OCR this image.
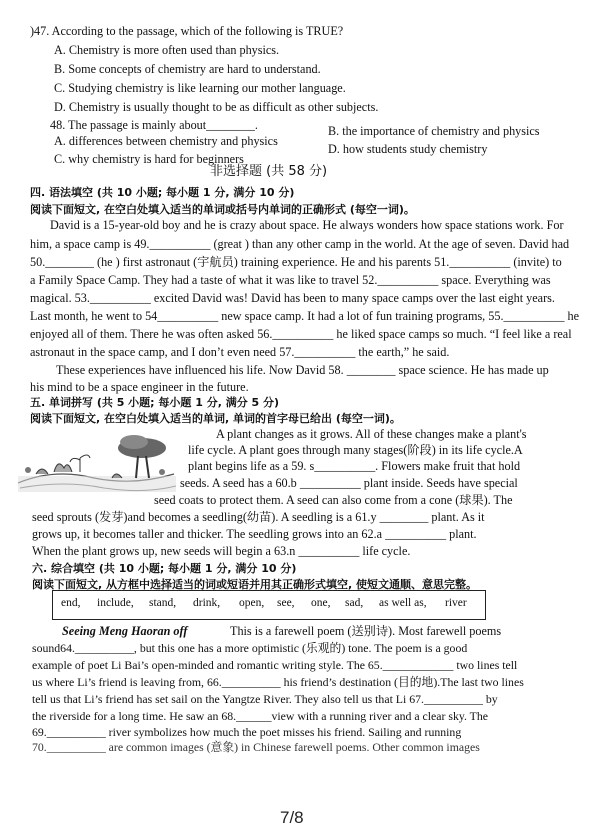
)47. According to the passage, which of the following is TRUE?
A. Chemistry is more often used than physics.
B. Some concepts of chemistry are hard to understand.
C. Studying chemistry is like learning our mother language.
D. Chemistry is usually thought to be as difficult as other subjects.
48. The passage is mainly about________.
A. differences between chemistry and physics
B. the importance of chemistry and physics
C. why chemistry is hard for beginners
D. how students study chemistry
非选择题 (共 58 分)
四. 语法填空 (共 10 小题; 每小题 1 分, 满分 10 分)
阅读下面短文, 在空白处填入适当的单词或括号内单词的正确形式 (每空一词)。
David is a 15-year-old boy and he is crazy about space. He always wonders how space stations work. For
him, a space camp is 49.__________ (great ) than any other camp in the world. At the age of seven. David had
50.________ (he ) first astronaut (宇航员) training experience. He and his parents 51.__________ (invite) to
a Family Space Camp. They had a taste of what it was like to travel 52.__________ space. Everything was
magical. 53.__________ excited David was! David has been to many space camps over the last eight years.
Last month, he went to 54__________ new space camp. It had a lot of fun training programs, 55.__________ he
enjoyed all of them. There he was often asked 56.__________ he liked space camps so much. “I feel like a real
astronaut in the space camp, and I don’t even need 57.__________ the earth,” he said.
These experiences have influenced his life. Now David 58. ________ space science. He has made up
his mind to be a space engineer in the future.
五. 单词拼写 (共 5 小题; 每小题 1 分, 满分 5 分)
阅读下面短文, 在空白处填入适当的单词, 单词的首字母已给出 (每空一词)。
A plant changes as it grows. All of these changes make a plant's
life cycle. A plant goes through many stages(阶段) in its life cycle.A
plant begins life as a 59. s__________. Flowers make fruit that hold
seeds. A seed has a 60.b __________ plant inside. Seeds have special
seed coats to protect them. A seed can also come from a cone (球果). The
seed sprouts (发芽)and becomes a seedling(幼苗). A seedling is a 61.y ________ plant. As it
grows up, it becomes taller and thicker. The seedling grows into an 62.a __________ plant.
When the plant grows up, new seeds will begin a 63.n __________ life cycle.
六. 综合填空 (共 10 小题; 每小题 1 分, 满分 10 分)
阅读下面短文, 从方框中选择适当的词或短语并用其正确形式填空, 使短文通顺、意思完整。
end, include, stand, drink, open, see, one, sad, as well as, river
Seeing Meng Haoran off	This is a farewell poem (送别诗). Most farewell poems
sound64.__________, but this one has a more optimistic (乐观的) tone. The poem is a good
example of poet Li Bai’s open-minded and romantic writing style. The 65.____________ two lines tell
us where Li’s friend is leaving from, 66.__________ his friend’s destination (目的地).The last two lines
tell us that Li’s friend has set sail on the Yangtze River. They also tell us that Li 67.__________ by
the riverside for a long time. He saw an 68.______view with a running river and a clear sky. The
69.__________ river symbolizes how much the poet misses his friend. Sailing and running
70.__________ are common images (意象) in Chinese farewell poems. Other common images
7/8
